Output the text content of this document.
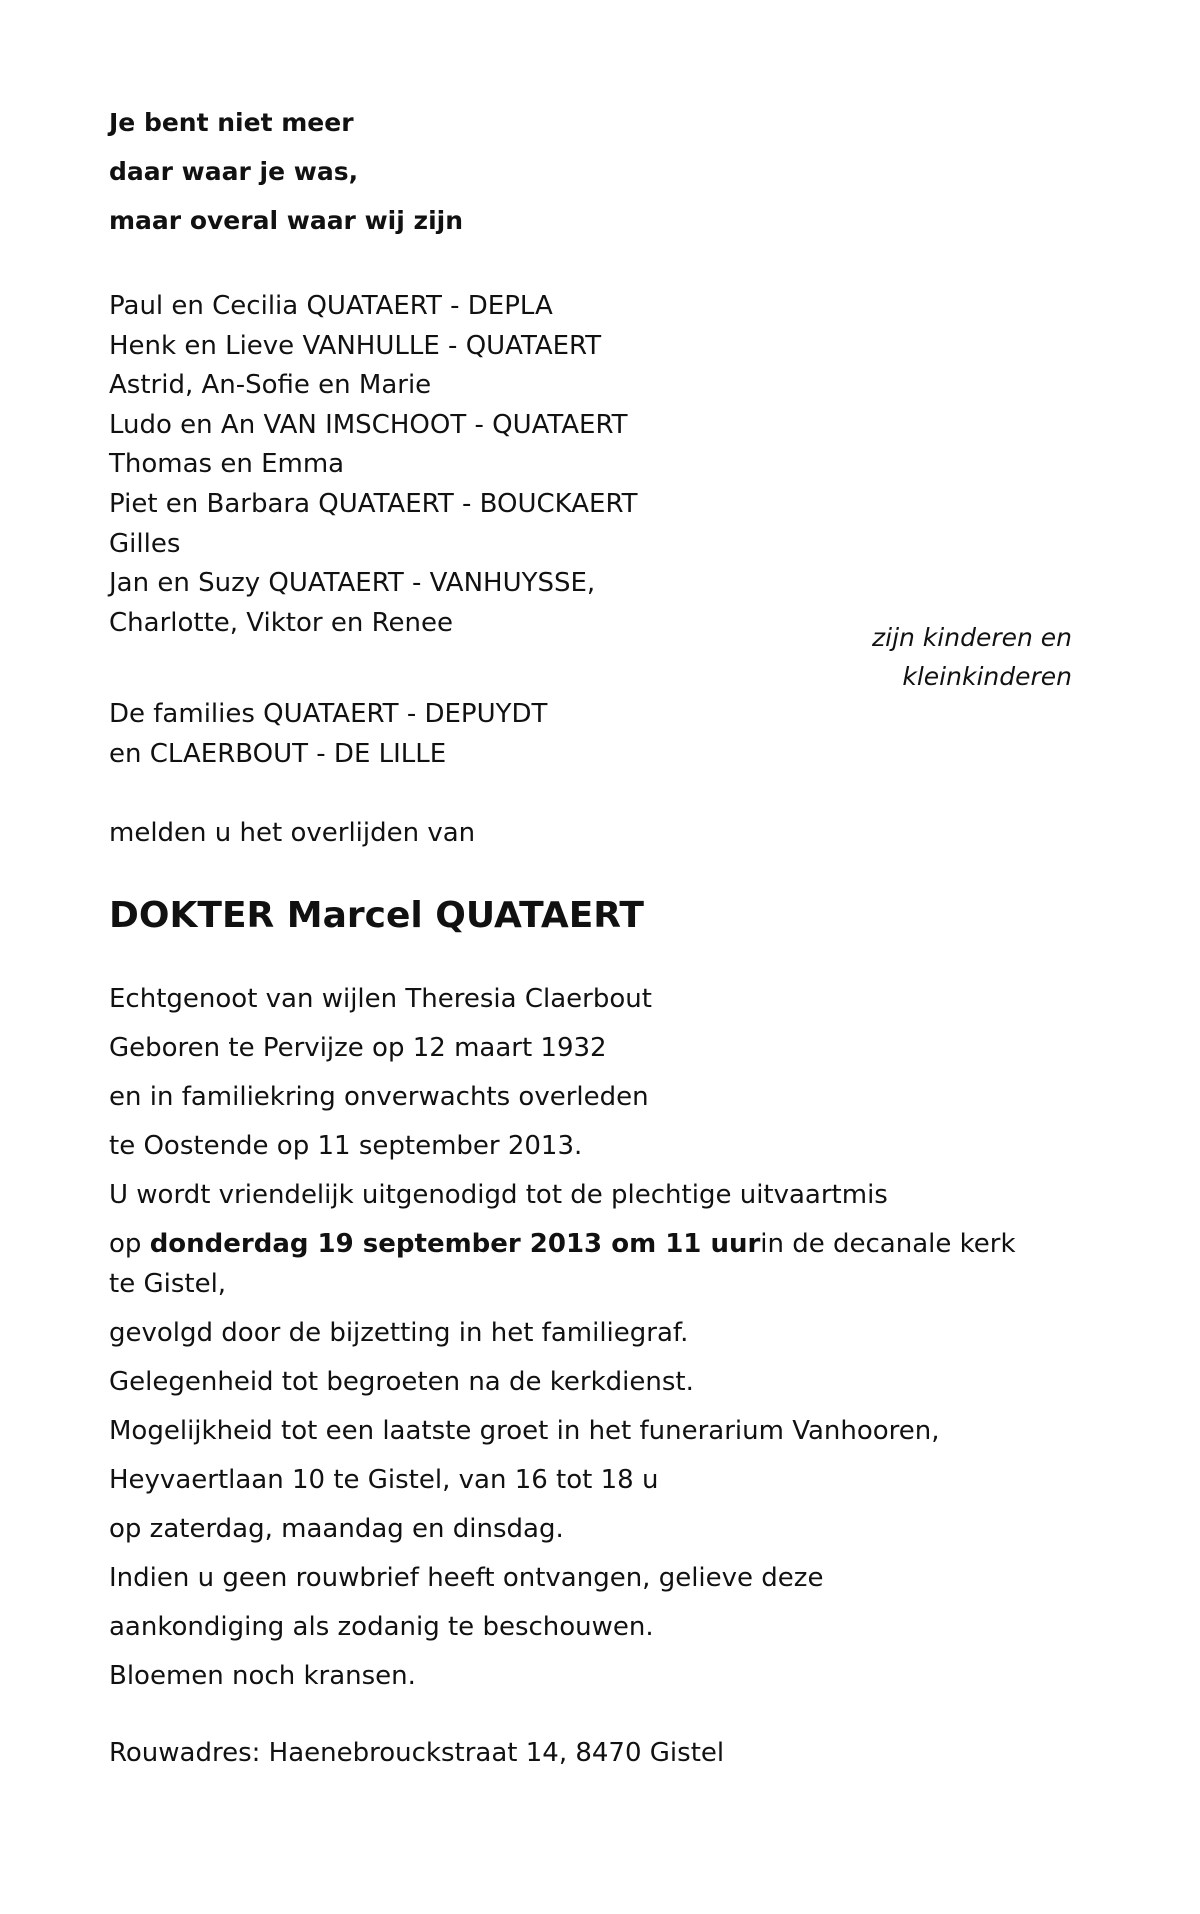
Je bent niet meer
daar waar je was,
maar overal waar wij zijn
Paul en Cecilia QUATAERT - DEPLA
Henk en Lieve VANHULLE - QUATAERT
Astrid, An-Sofie en Marie
Ludo en An VAN IMSCHOOT - QUATAERT
Thomas en Emma
Piet en Barbara QUATAERT - BOUCKAERT
Gilles
Jan en Suzy QUATAERT - VANHUYSSE,
Charlotte, Viktor en Renee
De families QUATAERT - DEPUYDT
en CLAERBOUT - DE LILLE
melden u het overlijden van
DOKTER Marcel QUATAERT
Echtgenoot van wijlen Theresia Claerbout
Geboren te Pervijze op 12 maart 1932
en in familiekring onverwachts overleden
te Oostende op 11 september 2013.
U wordt vriendelijk uitgenodigd tot de plechtige uitvaartmis
op donderdag 19 september 2013 om 11 uurin de decanale kerk te Gistel,
gevolgd door de bijzetting in het familiegraf.
Gelegenheid tot begroeten na de kerkdienst.
Mogelijkheid tot een laatste groet in het funerarium Vanhooren,
Heyvaertlaan 10 te Gistel, van 16 tot 18 u
op zaterdag, maandag en dinsdag.
Indien u geen rouwbrief heeft ontvangen, gelieve deze
aankondiging als zodanig te beschouwen.
Bloemen noch kransen.
Rouwadres: Haenebrouckstraat 14, 8470 Gistel
zijn kinderen en
kleinkinderen
